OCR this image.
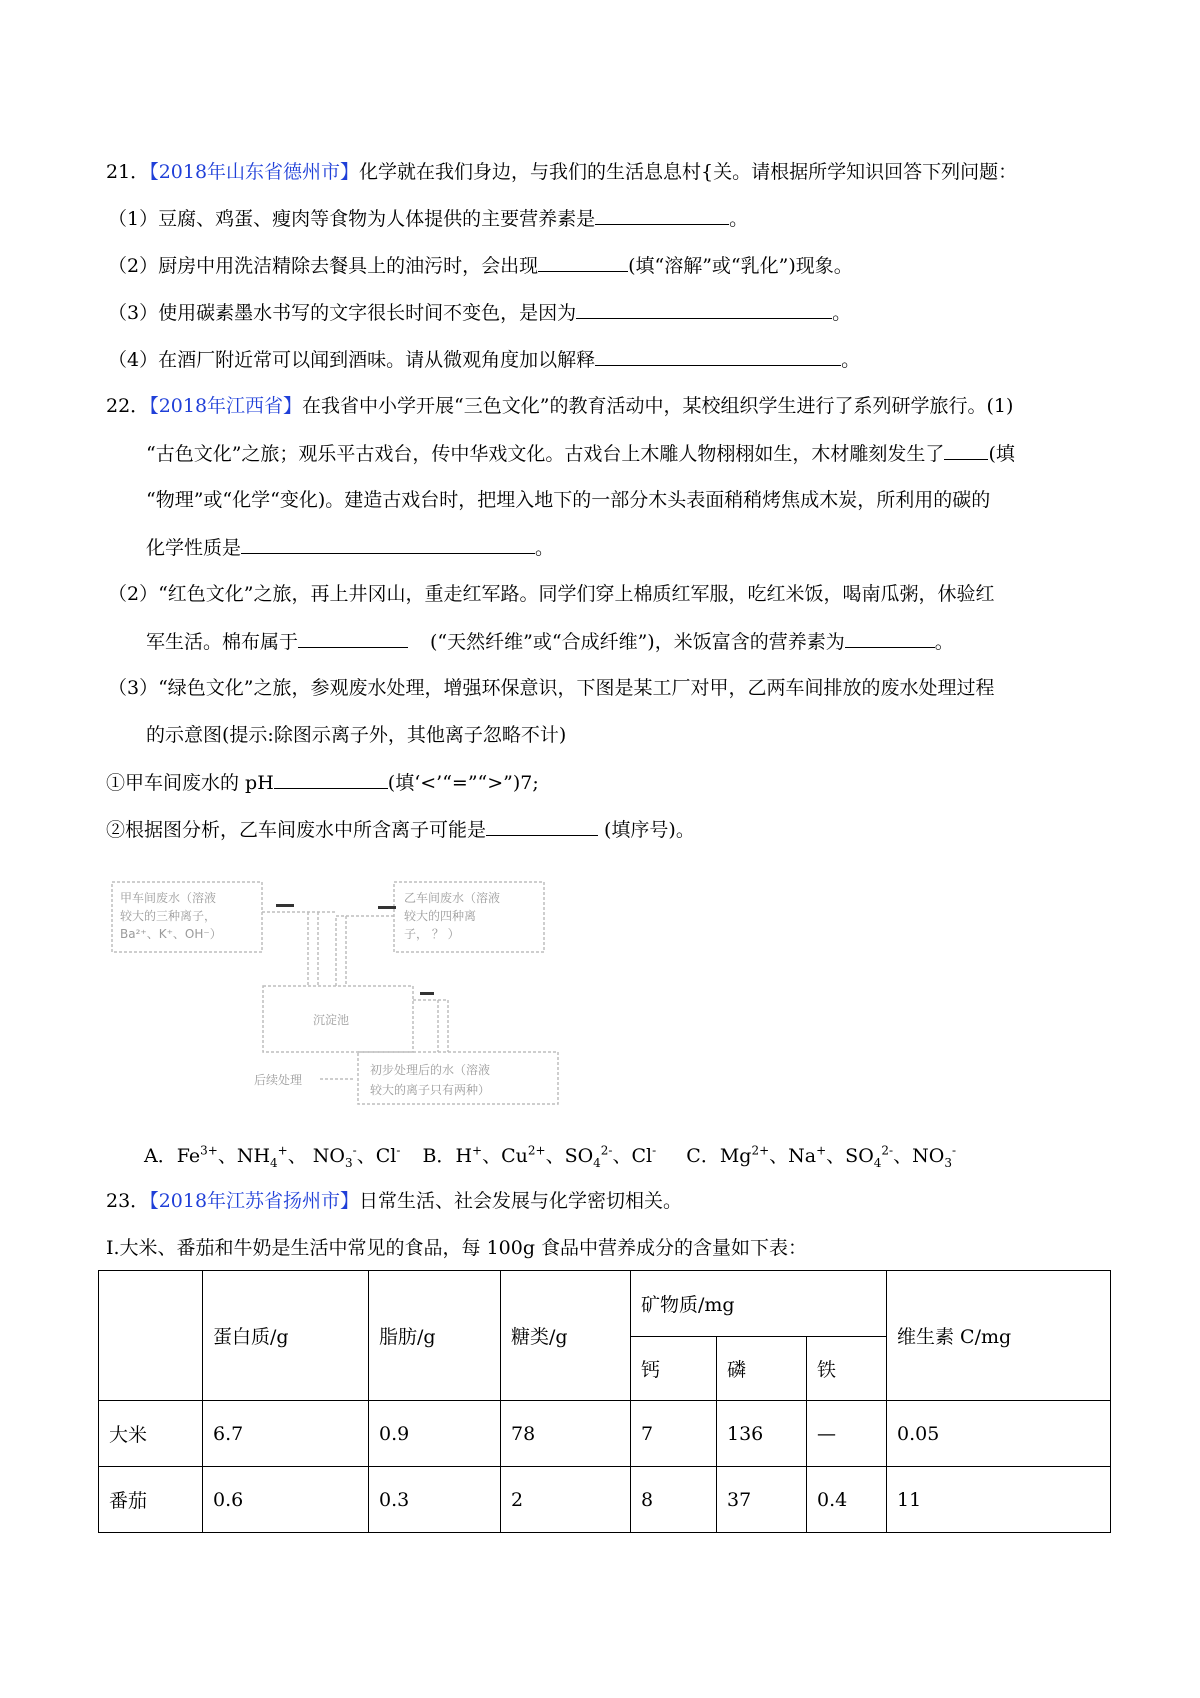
21．【2018年山东省德州市】化学就在我们身边，与我们的生活息息村{关。请根据所学知识回答下列问题：
（1）豆腐、鸡蛋、瘦肉等食物为人体提供的主要营养素是	。
（2）厨房中用洗洁精除去餐具上的油污时，会出现	(填“溶解”或“乳化”)现象。
（3）使用碳素墨水书写的文字很长时间不变色，是因为	。
（4）在酒厂附近常可以闻到酒味。请从微观角度加以解释	。
22．【2018年江西省】在我省中小学开展“三色文化”的教育活动中，某校组织学生进行了系列研学旅行。(1)
“古色文化”之旅；观乐平古戏台，传中华戏文化。古戏台上木雕人物栩栩如生，木材雕刻发生了 (填
“物理”或“化学“变化)。建造古戏台时，把埋入地下的一部分木头表面稍稍烤焦成木炭，所利用的碳的
化学性质是	。
（2）“红色文化”之旅，再上井冈山，重走红军路。同学们穿上棉质红军服，吃红米饭，喝南瓜粥，休验红
军生活。棉布属于	(“天然纤维”或“合成纤维”)，米饭富含的营养素为	。
（3）“绿色文化”之旅，参观废水处理，增强环保意识，下图是某工厂对甲，乙两车间排放的废水处理过程
的示意图(提示:除图示离子外，其他离子忽略不计)
①甲车间废水的 pH	(填‘<’“=”“>”)7;
②根据图分析，乙车间废水中所含离子可能是	(填序号)。
甲车间废水（溶液
较大的三种离子，
Ba²⁺、K⁺、OH⁻）
乙车间废水（溶液
较大的四种离
子， ？ ）
沉淀池
初步处理后的水（溶液
较大的离子只有两种）
后续处理
A．$Fe^{3+}$、$NH_4^+$、 $NO_3^-$、Cl- B．H+、$Cu^{2+}$、$SO_4^{2-}$、Cl- C．$Mg^{2+}$、Na+、$SO_4^{2-}$、$NO_3^-$
23．【2018年江苏省扬州市】日常生活、社会发展与化学密切相关。
I.大米、番茄和牛奶是生活中常见的食品，每 100g 食品中营养成分的含量如下表：
	蛋白质/g	脂肪/g	糖类/g	矿物质/mg			维生素 C/mg
				钙	磷	铁	
大米	6.7	0.9	78	7	136	—	0.05
番茄	0.6	0.3	2	8	37	0.4	11
